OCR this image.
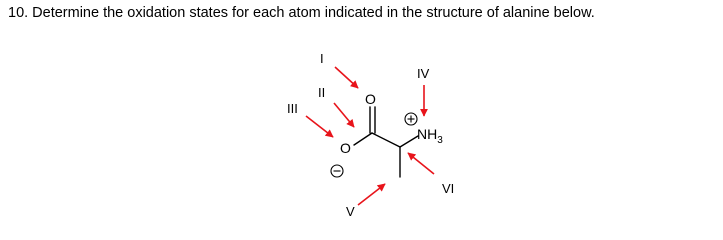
10. Determine the oxidation states for each atom indicated in the structure of alanine below.
O
O
$NH_3$
I
II
III
IV
V
VI
